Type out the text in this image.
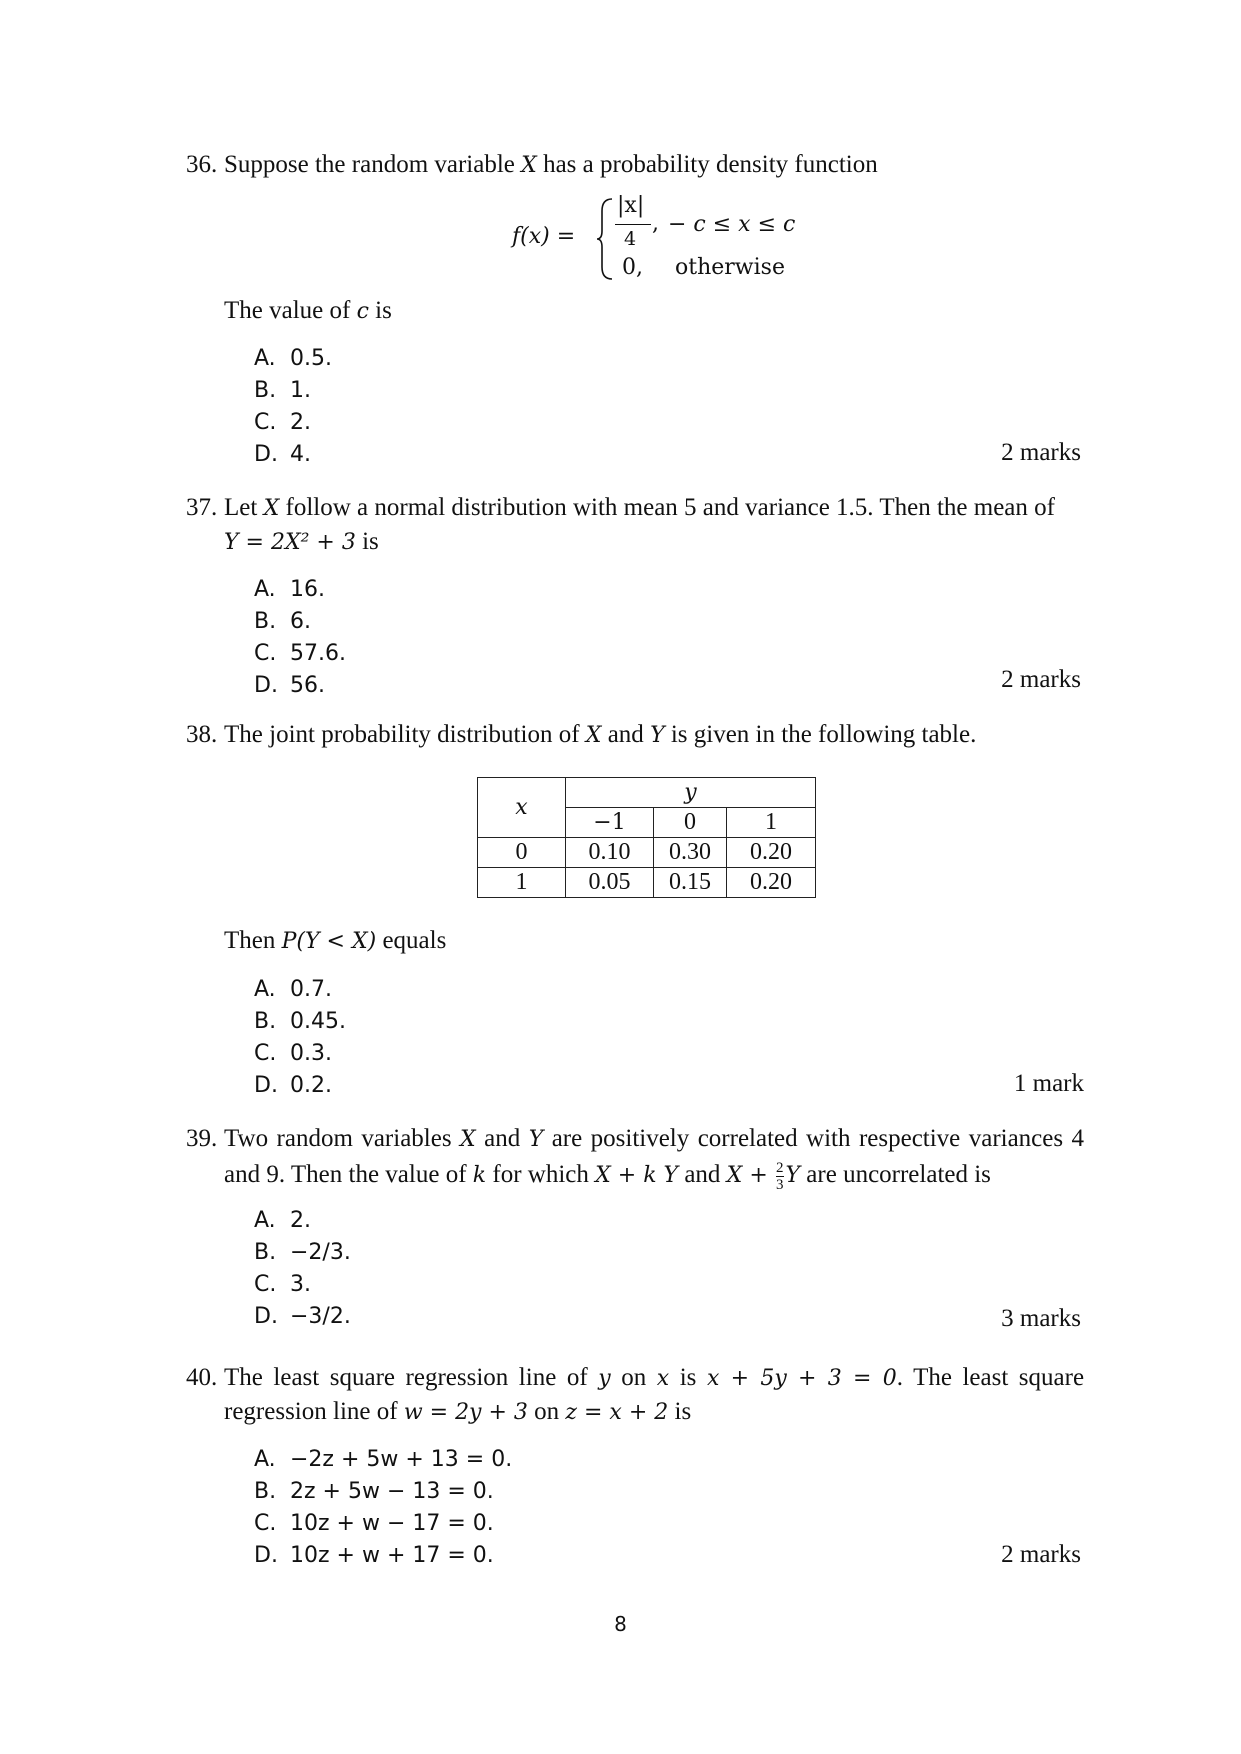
36. Suppose the random variable X has a probability density function
f(x) =
|x|
4
, − c ≤ x ≤ c
0, otherwise
The value of c is
A. 0.5.
B. 1.
C. 2.
D. 4.	2 marks
37. Let X follow a normal distribution with mean 5 and variance 1.5. Then the mean of
Y = 2X² + 3 is
A. 16.
B. 6.
C. 57.6.
D. 56.	2 marks
38. The joint probability distribution of X and Y is given in the following table.
x	y		
	−1	0	1
0	0.10	0.30	0.20
1	0.05	0.15	0.20
Then P(Y < X) equals
A. 0.7.
B. 0.45.
C. 0.3.
D. 0.2.	1 mark
39. Two random variables X and Y are positively correlated with respective variances 4
and 9. Then the value of k for which X + k Y and $X + \frac{2}{3}$ Y are uncorrelated is
A. 2.
B. −2/3.
C. 3.
D. −3/2.	3 marks
40. The least square regression line of y on x is x + 5y + 3 = 0. The least square
regression line of w = 2y + 3 on z = x + 2 is
A. −2z + 5w + 13 = 0.
B. 2z + 5w − 13 = 0.
C. 10z + w − 17 = 0.
D. 10z + w + 17 = 0.	2 marks
8
